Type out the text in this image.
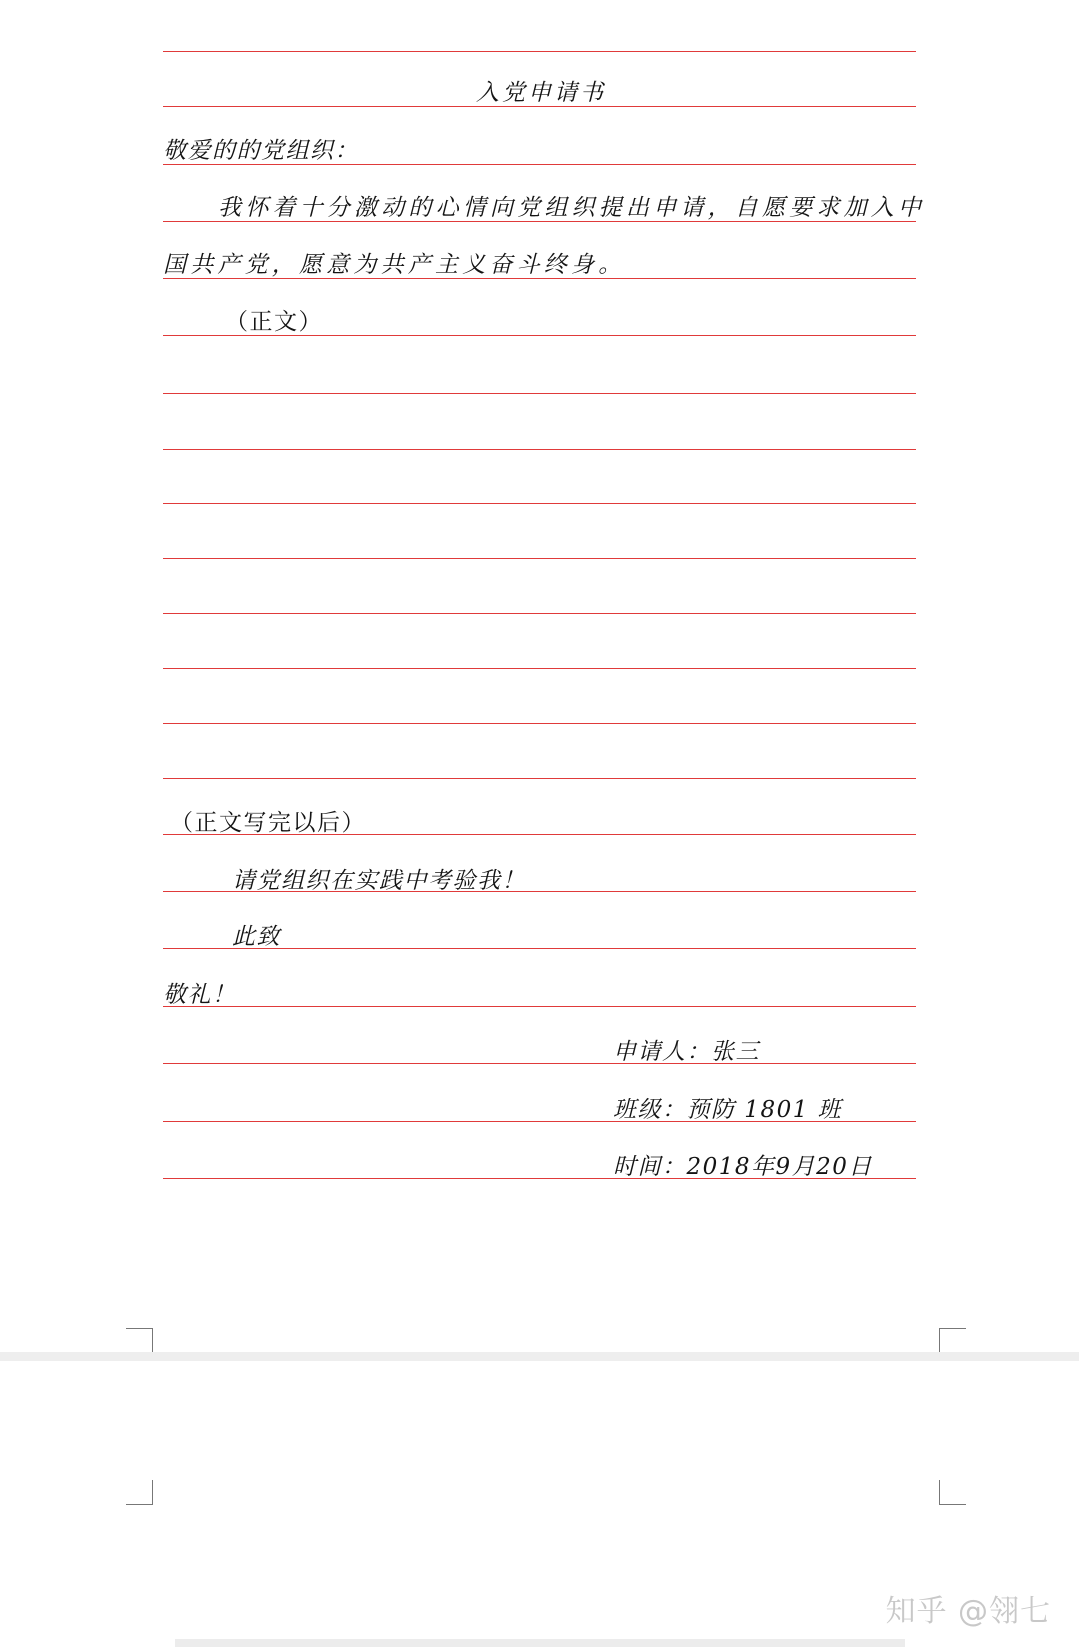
入党申请书
敬爱的的党组织：
我怀着十分激动的心情向党组织提出申请，自愿要求加入中
国共产党，愿意为共产主义奋斗终身。
（正文）
（正文写完以后）
请党组织在实践中考验我！
此致
敬礼！
申请人：张三
班级：预防 1801 班
时间：2018年9月20日
知乎 @翎七
